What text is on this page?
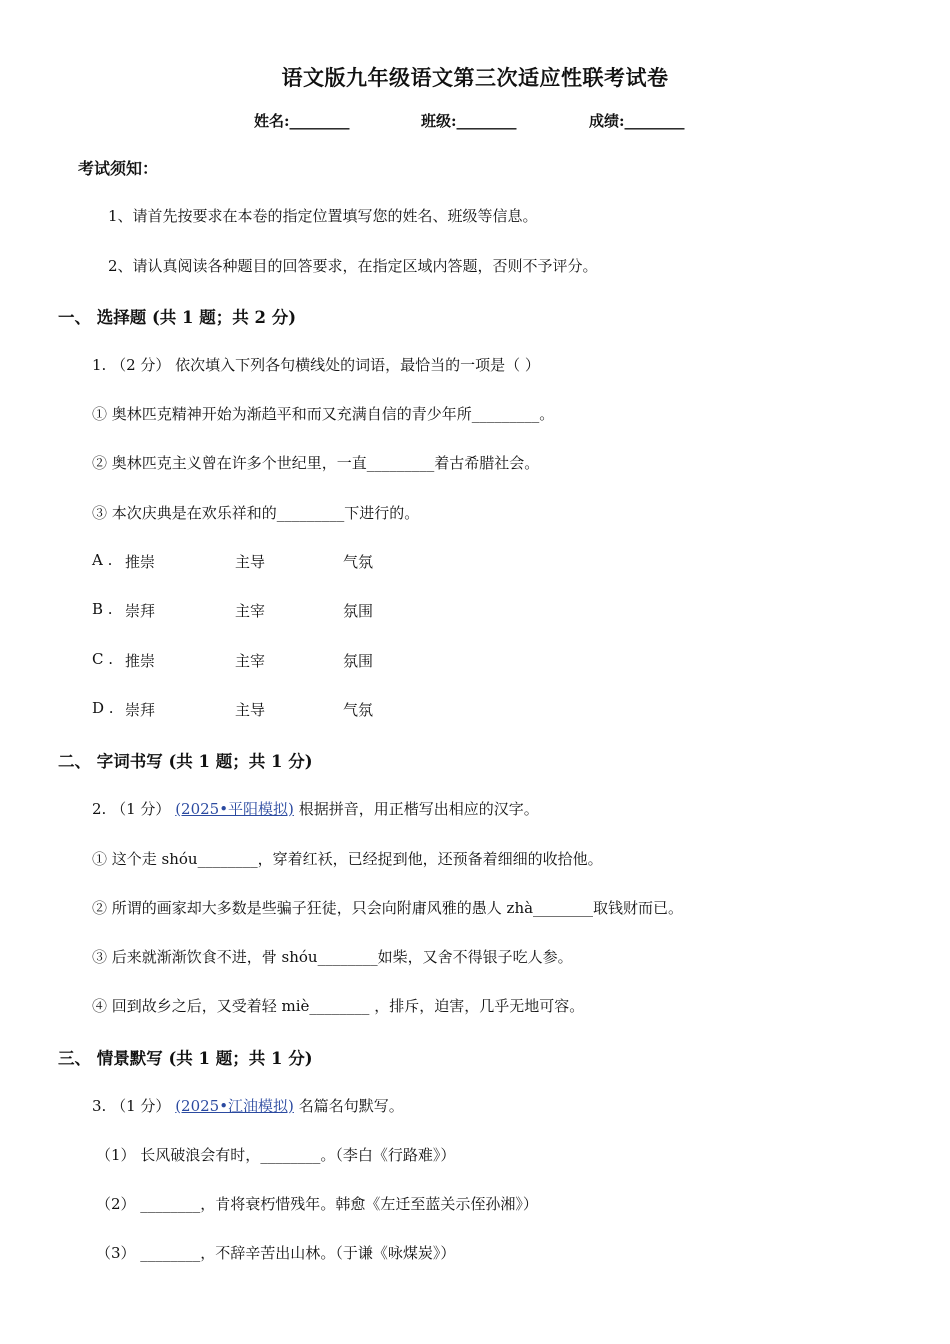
语文版九年级语文第三次适应性联考试卷
姓名:________	班级:________	成绩:________
考试须知：
1、请首先按要求在本卷的指定位置填写您的姓名、班级等信息。
2、请认真阅读各种题目的回答要求，在指定区域内答题，否则不予评分。
一、 选择题 (共 1 题；共 2 分)
1. （2 分） 依次填入下列各句横线处的词语，最恰当的一项是（ ）
① 奥林匹克精神开始为渐趋平和而又充满自信的青少年所_________。
② 奥林匹克主义曾在许多个世纪里，一直_________着古希腊社会。
③ 本次庆典是在欢乐祥和的_________下进行的。
A . 推崇	主导	气氛
B . 崇拜	主宰	氛围
C . 推崇	主宰	氛围
D . 崇拜	主导	气氛
二、 字词书写 (共 1 题；共 1 分)
2. （1 分） (2025•平阳模拟) 根据拼音，用正楷写出相应的汉字。
① 这个走 shóu________，穿着红袄，已经捉到他，还预备着细细的收拾他。
② 所谓的画家却大多数是些骗子狂徒，只会向附庸风雅的愚人 zhà________取钱财而已。
③ 后来就渐渐饮食不进，骨 shóu________如柴，又舍不得银子吃人参。
④ 回到故乡之后，又受着轻 miè________ ，排斥，迫害，几乎无地可容。
三、 情景默写 (共 1 题；共 1 分)
3. （1 分） (2025•江油模拟) 名篇名句默写。
（1） 长风破浪会有时，________。（李白《行路难》）
（2） ________，肯将衰朽惜残年。韩愈《左迁至蓝关示侄孙湘》）
（3） ________，不辞辛苦出山林。（于谦《咏煤炭》）
